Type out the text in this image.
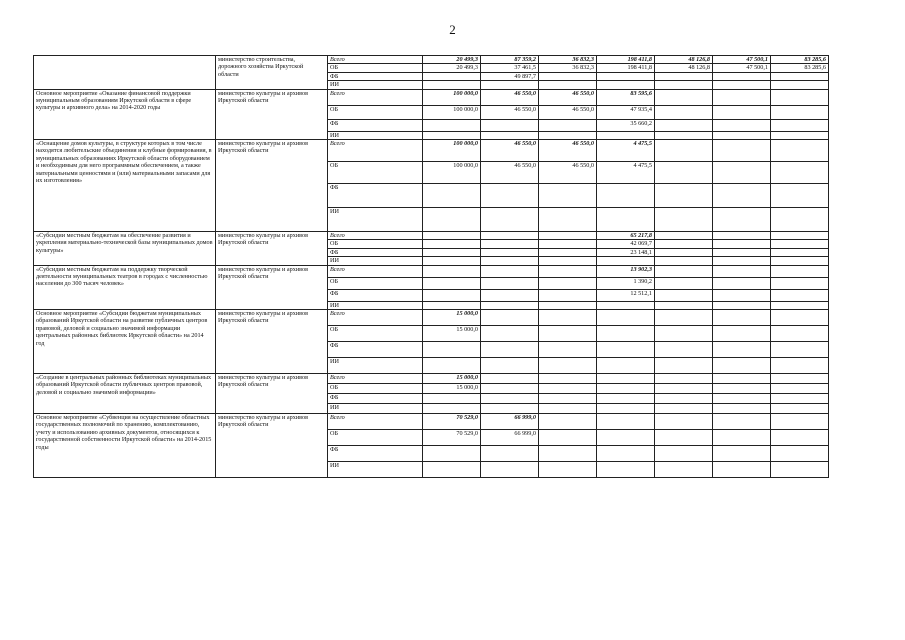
2
	министерство строительства, дорожного хозяйства Иркутской области	Всего	20 499,3	87 359,2	36 832,3	198 411,8	48 126,8	47 500,1	83 285,6
		ОБ	20 499,3	37 461,5	36 832,3	198 411,8	48 126,8	47 500,1	83 285,6
		ФБ		49 897,7					
		ИИ							
Основное мероприятие «Оказание финансовой поддержки муниципальным образованиям Иркутской области в сфере культуры и архивного дела» на 2014-2020 годы	министерство культуры и архивов Иркутской области	Всего	100 000,0	46 550,0	46 550,0	83 595,6			
		ОБ	100 000,0	46 550,0	46 550,0	47 935,4			
		ФБ				35 660,2			
		ИИ							
«Оснащение домов культуры, в структуре которых в том числе находятся любительские объединения и клубные формирования, в муниципальных образованиях Иркутской области оборудованием и необходимым для него программным обеспечением, а также материальными ценностями и (или) материальными запасами для их изготовления»	министерство культуры и архивов Иркутской области	Всего	100 000,0	46 550,0	46 550,0	4 475,5			
		ОБ	100 000,0	46 550,0	46 550,0	4 475,5			
		ФБ							
		ИИ							
«Субсидии местным бюджетам на обеспечение развития и укрепления материально-технической базы муниципальных домов культуры»	министерство культуры и архивов Иркутской области	Всего				65 217,8			
		ОБ				42 069,7			
		ФБ				23 148,1			
		ИИ							
«Субсидии местным бюджетам на поддержку творческой деятельности муниципальных театров в городах с численностью населения до 300 тысяч человек»	министерство культуры и архивов Иркутской области	Всего				13 902,3			
		ОБ				1 390,2			
		ФБ				12 512,1			
		ИИ							
Основное мероприятие «Субсидии бюджетам муниципальных образований Иркутской области на развитие публичных центров правовой, деловой и социально значимой информации центральных районных библиотек Иркутской области» на 2014 год	министерство культуры и архивов Иркутской области	Всего	15 000,0						
		ОБ	15 000,0						
		ФБ							
		ИИ							
«Создание в центральных районных библиотеках муниципальных образований Иркутской области публичных центров правовой, деловой и социально значимой информации»	министерство культуры и архивов Иркутской области	Всего	15 000,0						
		ОБ	15 000,0						
		ФБ							
		ИИ							
Основное мероприятие «Субвенция на осуществление областных государственных полномочий по хранению, комплектованию, учету и использованию архивных документов, относящихся к государственной собственности Иркутской области» на 2014-2015 годы	министерство культуры и архивов Иркутской области	Всего	70 529,0	66 999,0					
		ОБ	70 529,0	66 999,0					
		ФБ							
		ИИ							
